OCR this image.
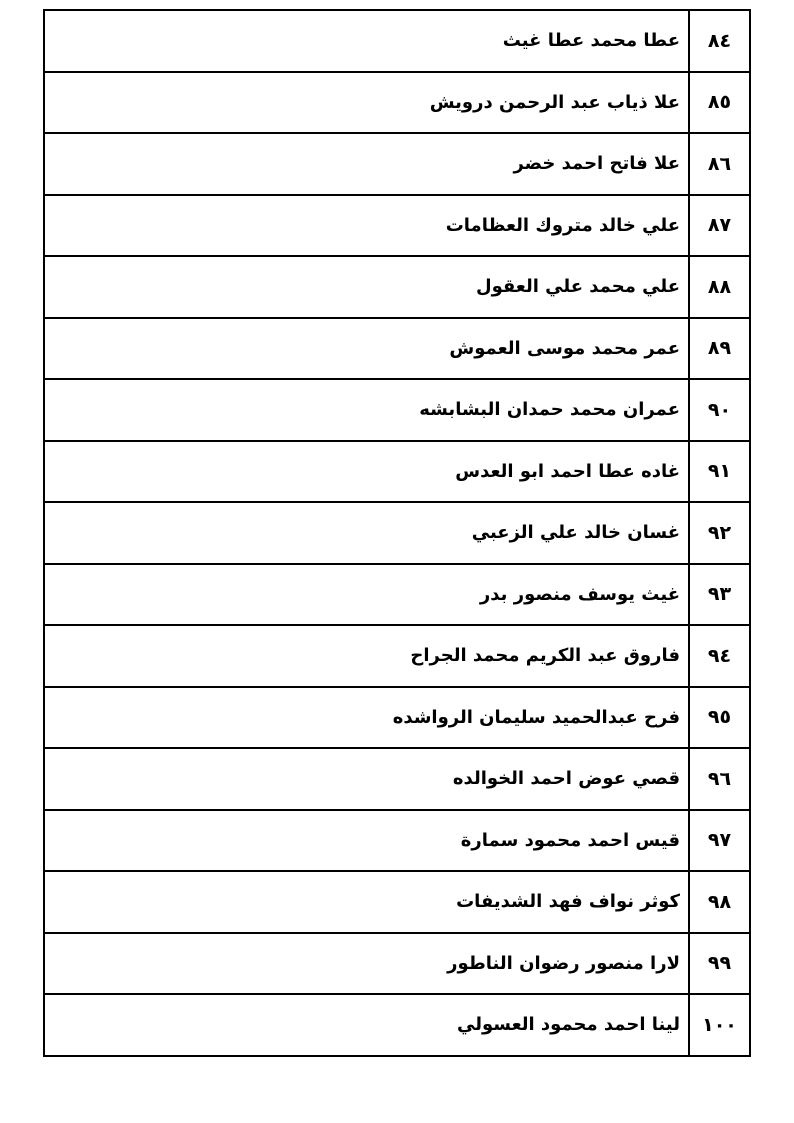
٨٤	عطا محمد عطا غيث
٨٥	علا ذياب عبد الرحمن درويش
٨٦	علا فاتح احمد خضر
٨٧	علي خالد متروك العظامات
٨٨	علي محمد علي العقول
٨٩	عمر محمد موسى العموش
٩٠	عمران محمد حمدان البشابشه
٩١	غاده عطا احمد ابو العدس
٩٢	غسان خالد علي الزعبي
٩٣	غيث يوسف منصور بدر
٩٤	فاروق عبد الكريم محمد الجراح
٩٥	فرح عبدالحميد سليمان الرواشده
٩٦	قصي عوض احمد الخوالده
٩٧	قيس احمد محمود سمارة
٩٨	كوثر نواف فهد الشديفات
٩٩	لارا منصور رضوان الناطور
١٠٠	لينا احمد محمود العسولي
